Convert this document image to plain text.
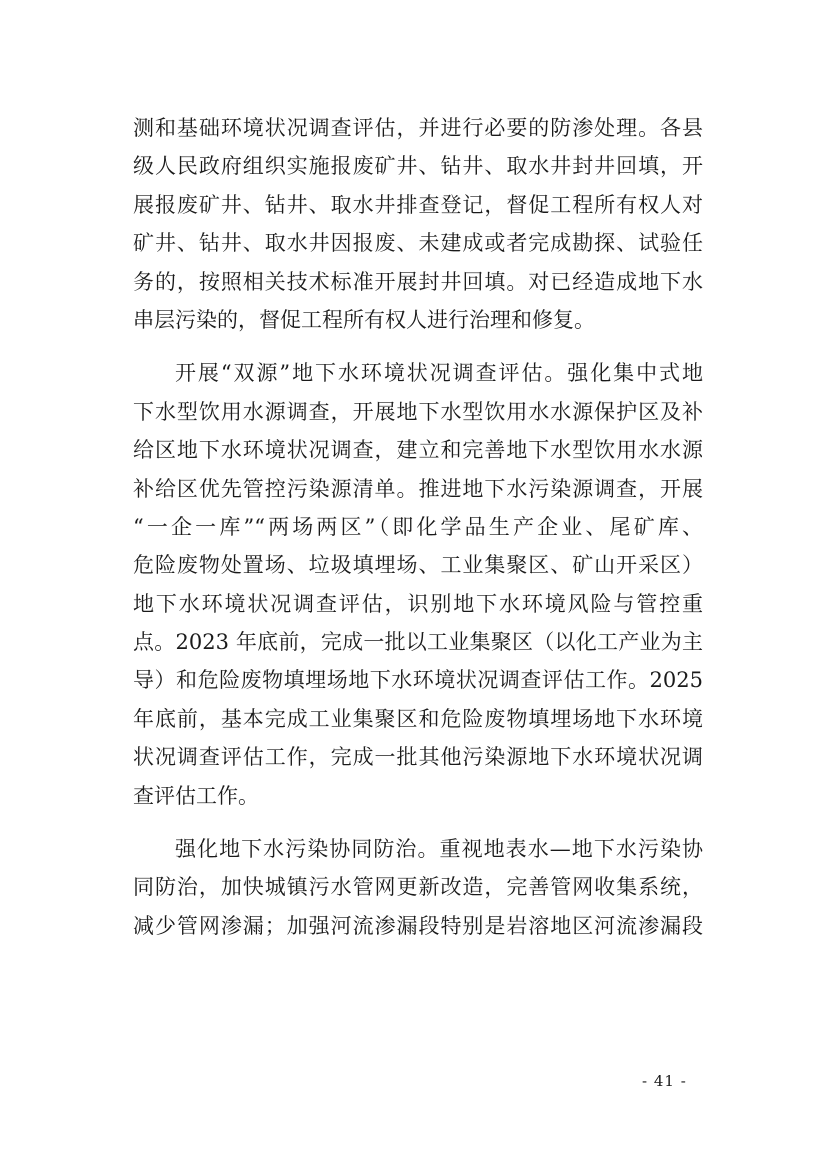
测和基础环境状况调查评估，并进行必要的防渗处理。各县
级人民政府组织实施报废矿井、钻井、取水井封井回填，开
展报废矿井、钻井、取水井排查登记，督促工程所有权人对
矿井、钻井、取水井因报废、未建成或者完成勘探、试验任
务的，按照相关技术标准开展封井回填。对已经造成地下水
串层污染的，督促工程所有权人进行治理和修复。
开展“双源”地下水环境状况调查评估。强化集中式地
下水型饮用水源调查，开展地下水型饮用水水源保护区及补
给区地下水环境状况调查，建立和完善地下水型饮用水水源
补给区优先管控污染源清单。推进地下水污染源调查，开展
“一企一库”“两场两区”（即化学品生产企业、尾矿库、
危险废物处置场、垃圾填埋场、工业集聚区、矿山开采区）
地下水环境状况调查评估，识别地下水环境风险与管控重
点。2023 年底前，完成一批以工业集聚区（以化工产业为主
导）和危险废物填埋场地下水环境状况调查评估工作。2025
年底前，基本完成工业集聚区和危险废物填埋场地下水环境
状况调查评估工作，完成一批其他污染源地下水环境状况调
查评估工作。
强化地下水污染协同防治。重视地表水—地下水污染协
同防治，加快城镇污水管网更新改造，完善管网收集系统，
减少管网渗漏；加强河流渗漏段特别是岩溶地区河流渗漏段
- 41 -
